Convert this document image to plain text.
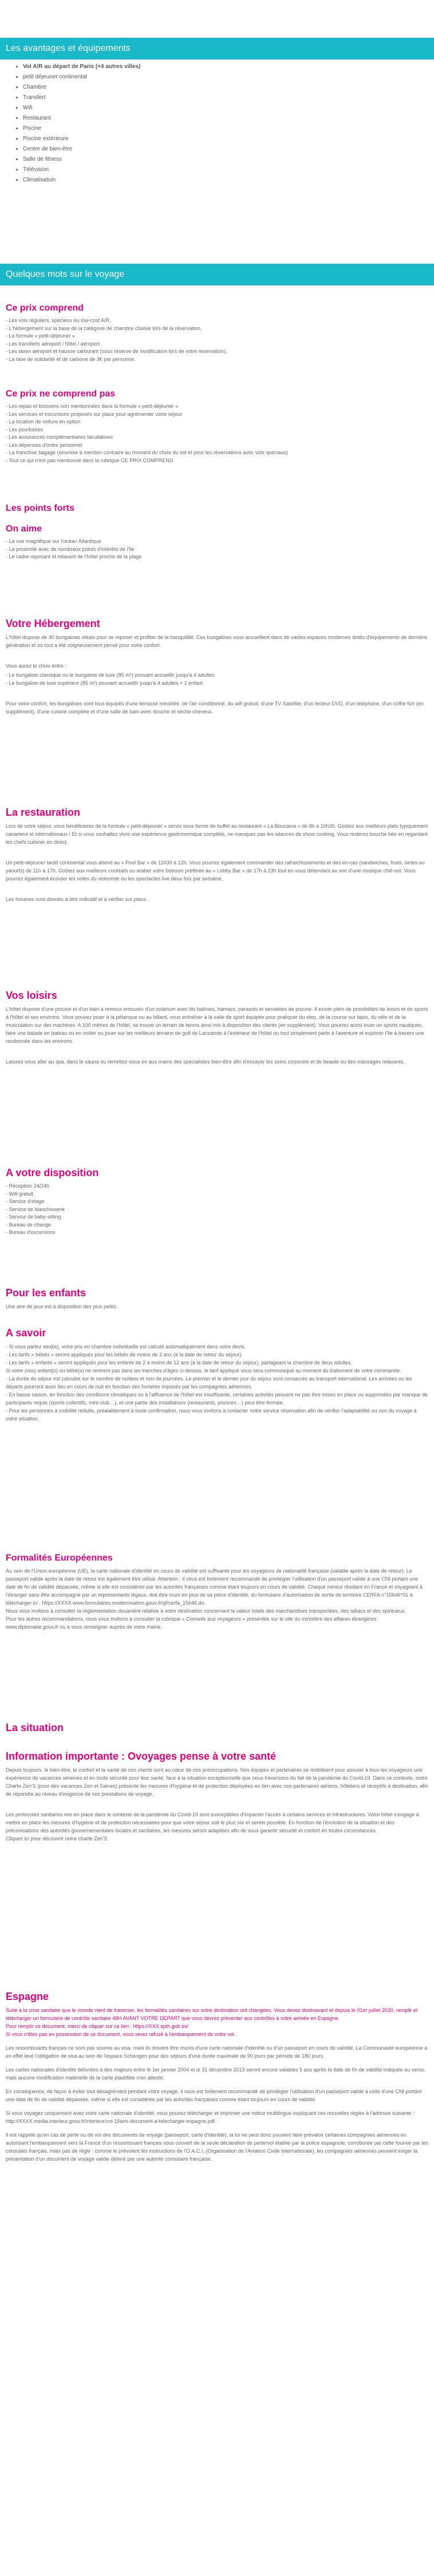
Les avantages et équipements
• Vol A/R au départ de Paris (+4 autres villes)
• petit déjeuner continental
• Chambre
• Transfert
• Wifi
• Restaurant
• Piscine
• Piscine extérieure
• Centre de bien-être
• Salle de fitness
• Télévision
• Climatisation
Quelques mots sur le voyage
Ce prix comprend
- Les vols réguliers, spécieux ou low-cost A/R,
- L'hébergement sur la base de la catégorie de chambre choisie lors de la réservation,
- La formule « petit-déjeuner »
- Les transferts aéroport / hôtel / aéroport
- Les taxes aéroport et hausse carburant (sous réserve de modification lors de votre réservation),
- La taxe de solidarité et de carbone de 3€ par personne.
Ce prix ne comprend pas
- Les repas et boissons non mentionnées dans la formule « petit-déjeuner »
- Les services et excursions proposés sur place pour agrémenter votre séjour
- La location de voiture en option
- Les pourboires
- Les assurances complémentaires facultatives
- Les dépenses d'ordre personnel
- La franchise bagage (soumise à mention contraire au moment du choix du vol et pour les réservations avec vols spéciaux)
- Tout ce qui n'est pas mentionné dans la rubrique CE PRIX COMPREND
Les points forts
On aime
- La vue magnifique sur l'océan Atlantique
- La proximité avec de nombreux points d'intérêts de l'île
- Le cadre reposant et relaxant de l'hôtel proche de la plage
Votre Hébergement

L'hôtel dispose de 40 bungalows idéals pour se reposer et profiter de la tranquillité. Ces bungalows vous accueillent dans de vastes espaces modernes dotés d'équipements de dernière génération et où tout a été soigneusement pensé pour votre confort.

Vous aurez le choix entre :

- Le bungalow classique ou le bungalow de luxe (85 m²) pouvant accueillir jusqu'à 4 adultes

- Le bungalow de luxe supérieur (85 m²) pouvant accueillir jusqu'à 4 adultes + 1 enfant

Pour votre confort, les bungalows sont tous équipés d'une terrasse meublée, de l'air conditionné, du wifi gratuit, d'une TV Satellite, d'un lecteur DVD, d'un téléphone, d'un coffre fort (en supplément), d'une cuisine complète et d'une salle de bain avec douche et sèche-cheveux.

La restauration

Lors de votre séjour, vous bénéficierez de la formule « petit-déjeuner » servis sous forme de buffet au restaurant « La Boucaina » de 8h à 10h30. Goûtez aux meilleurs plats typiquement canariens et internationaux ! Et si vous souhaitez vivre une expérience gastronomique complète, ne manquez pas les séances de show cooking. Vous resterez bouche bée en regardant les chefs cuisiner en direct.

Un petit-déjeuner tardif continental vous attend au « Pool Bar » de 11h30 à 12h. Vous pourrez également commander des rafraichissements et des en-cas (sandwiches, fruits, tartes ou yaourts) de 11h à 17h. Goûtez aux meilleurs cocktails ou araber votre boisson préférée au « Lobby Bar » de 17h à 23h tout en vous détendant au son d'une musique chill-out. Vous pourrez également écouter les notes du violoniste ou les spectacles live deux fois par semaine.

Les horaires sont donnés à titre indicatif et à vérifier sur place.

Vos loisirs

L'hôtel dispose d'une piscine et d'un bain à remous entourés d'un solarium avec lits balinais, hamacs, parasols et serviettes de piscine. Il existe plein de possibilités de loisirs et de sports à l'hôtel et ses environs. Vous pouvez jouer à la pétanque ou au billard, vous entraîner à la salle de sport équipée pour pratiquer du step, de la course sur tapis, du vélo et de la musculation sur des machines. A 100 mètres de l'hôtel, se trouve un terrain de tennis ainsi mis à disposition des clients (en supplément). Vous pourrez aussi louer un sports nautiques, faire une balade en bateau ou en voilier ou jouer sur les meilleurs terrains de golf de Lanzarote à l'extérieur de l'hôtel ou tout simplement partir à l'aventure et explorer l'île à travers une randonnée dans les environs.

Laissez-vous aller au spa, dans le sauna ou remettez-vous en aux mains des spécialistes bien-être afin d'essayer les soins corporels et de beauté ou des massages relaxants.

A votre disposition
- Réception 24/24h
- Wifi gratuit
- Service d'étage
- Service de blanchisserie
- Service de baby-sitting
- Bureau de change
- Bureau d'excursions
Pour les enfants

Une aire de jeux est à disposition des plus petits.

A savoir
- Si vous partez seul(e), votre prix en chambre individuelle est calculé automatiquement dans votre devis.
- Les tarifs « bébés » seront appliqués pour les bébés de moins de 2 ans (à la date de retour du séjour).
- Les tarifs « enfants » seront appliqués pour les enfants de 2 à moins de 12 ans (à la date de retour du séjour), partageant la chambre de deux adultes.
Si votre (vos) enfant(s) ou bébé(s) ne rentrent pas dans les tranches d'âges ci-dessus, le tarif appliqué vous sera communiqué au moment du traitement de votre commande.
- La durée du séjour est calculée sur le nombre de nuitées et non de journées. Le premier et le dernier jour du séjour sont consacrés au transport international. Les arrivées ou les départs pourront avoir lieu en cours de nuit en fonction des horaires imposés par les compagnies aériennes.
- En basse saison, en fonction des conditions climatiques ou à l'affluence de l'hôtel est insuffisante, certaines activités peuvent ne pas être mises en place ou supprimées par manque de participants requis (sports collectifs, mini-club…), et une partie des installations (restaurants, piscines…) peut être fermée.
- Pour les personnes à mobilité réduite, préalablement à toute confirmation, nous vous invitons à contacter notre service réservation afin de vérifier l'adaptabilité ou non du voyage à votre situation.
Formalités Européennes

Au sein de l'Union européenne (UE), la carte nationale d'identité en cours de validité est suffisante pour les voyageurs de nationalité française (valable après la date de retour). Le passeport valide après la date de retour est également être utilisé. Attention : il vous est fortement recommandé de privilégier l'utilisation d'un passeport valide à une CNI portant une date de fin de validité dépassée, même si elle est considérée par les autorités françaises comme étant toujours en cours de validité. Chaque mineur résidant en France et voyageant à l'étranger sans être accompagné par un représentants légaux, doit être muni en plus de sa pièce d'identité, du formulaire d'autorisation de sortie de territoire CERFA n°15646*01 à télécharger ici : https://XXXX.www.formulaires.modernisation.gouv.fr/gf/cerfa_15646.do.

Nous vous invitons à consulter la réglementation douanière relative à votre destination concernant la valeur totale des marchandises transportées, des tabacs et des spiritueux.

Pour les autres recommandations, nous vous invitons à consulter la rubrique « Conseils aux voyageurs » présentée sur le site du ministère des affaires étrangères www.diplomatie.gouv.fr ou à vous renseigner auprès de votre mairie.

La situation
Information importante : Ovoyages pense à votre santé

Depuis toujours, le bien-être, le confort et la santé de nos clients sont au cœur de nos préoccupations. Nos équipes et partenaires se mobilisent pour assurer à tous les voyageurs une expérience de vacances sereines et en toute sécurité pour leur santé, face à la situation exceptionnelle que nous traversons du fait de la pandémie du Covid-19. Dans ce contexte, notre Charte Zen'S (pour des vacances Zen et Saines) présente les mesures d'hygiène et de protection déployées en lien avec nos partenaires aériens, hôteliers et réceptifs à destination, afin de répondre au niveau d'exigence de nos prestations de voyage.

Les protocoles sanitaires mis en place dans le contexte de la pandémie du Covid-19 sont susceptibles d'impacter l'accès à certains services et infrastructures. Votre hôtel s'engage à mettre en place les mesures d'hygiène et de protection nécessaires pour que votre séjour soit le plus sûr et serein possible. En fonction de l'évolution de la situation et des préconisations des autorités gouvernementales locales et sanitaires, les mesures seront adaptées afin de vous garantir sécurité et confort en toutes circonstances.

Cliquez ici pour découvrir notre charte Zen'S

Espagne

Suite à la crise sanitaire que le monde vient de traverser, les formalités sanitaires sur votre destination ont changées. Vous devez dorénavant et depuis le 01er juillet 2020, remplir et télécharger un formulaire de contrôle sanitaire 48H AVANT VOTRE DEPART que vous devrez présenter aux contrôles à votre arrivée en Espagne.

Pour remplir ce document, merci de cliquer sur ce lien : https://XXX.spth.gob.es/

Si vous n'êtes pas en possession de ce document, vous serez refusé à l'embarquement de votre vol.

Les ressortissants français ne sont pas soumis au visa, mais ils doivent être munis d'une carte nationale d'identité ou d'un passeport en cours de validité. La Communauté européenne a en effet levé l'obligation de visa au sein de l'espace Schengen pour des séjours d'une durée maximale de 90 jours par période de 180 jours.

Les cartes nationales d'identité délivrées à des majeurs entre le 1er janvier 2004 et le 31 décembre 2013 seront encore valables 5 ans après la date de fin de validité indiquée au verso, mais aucune modification matérielle de la carte plastifiée n'en atteste.

En conséquence, de façon à éviter tout désagrément pendant votre voyage, il vous est fortement recommandé de privilégier l'utilisation d'un passeport valide à celle d'une CNI portant une date de fin de validité dépassée, même si elle est considérée par les autorités françaises comme étant toujours en cours de validité.

Si vous voyagez uniquement avec votre carte nationale d'identité, vous pouvez télécharger et imprimer une notice multilingue expliquant ces nouvelles règles à l'adresse suivante : http://XXXX.media.interieur.gouv.fr/interieur/cni-15ans-document-a-telecharger-espagne.pdf.

Il est rappelé qu'en cas de perte ou de vol des documents de voyage (passeport, carte d'identité), la loi ne peut donc pouvent faire prévaloir certaines compagnies aériennes en autorisant l'embarquement vers la France d'un ressortissant français sous couvert de la seule déclaration de perte/vol établie par la police espagnole, corroborée par cette fournie par les consulats français, mais pas de règle : comme le prévoient les instructions de l'O.A.C.I. (Organisation de l'Aviation Civile Internationale), les compagnies aériennes peuvent exiger la présentation d'un document de voyage valide délivré par une autorité consulaire française.
